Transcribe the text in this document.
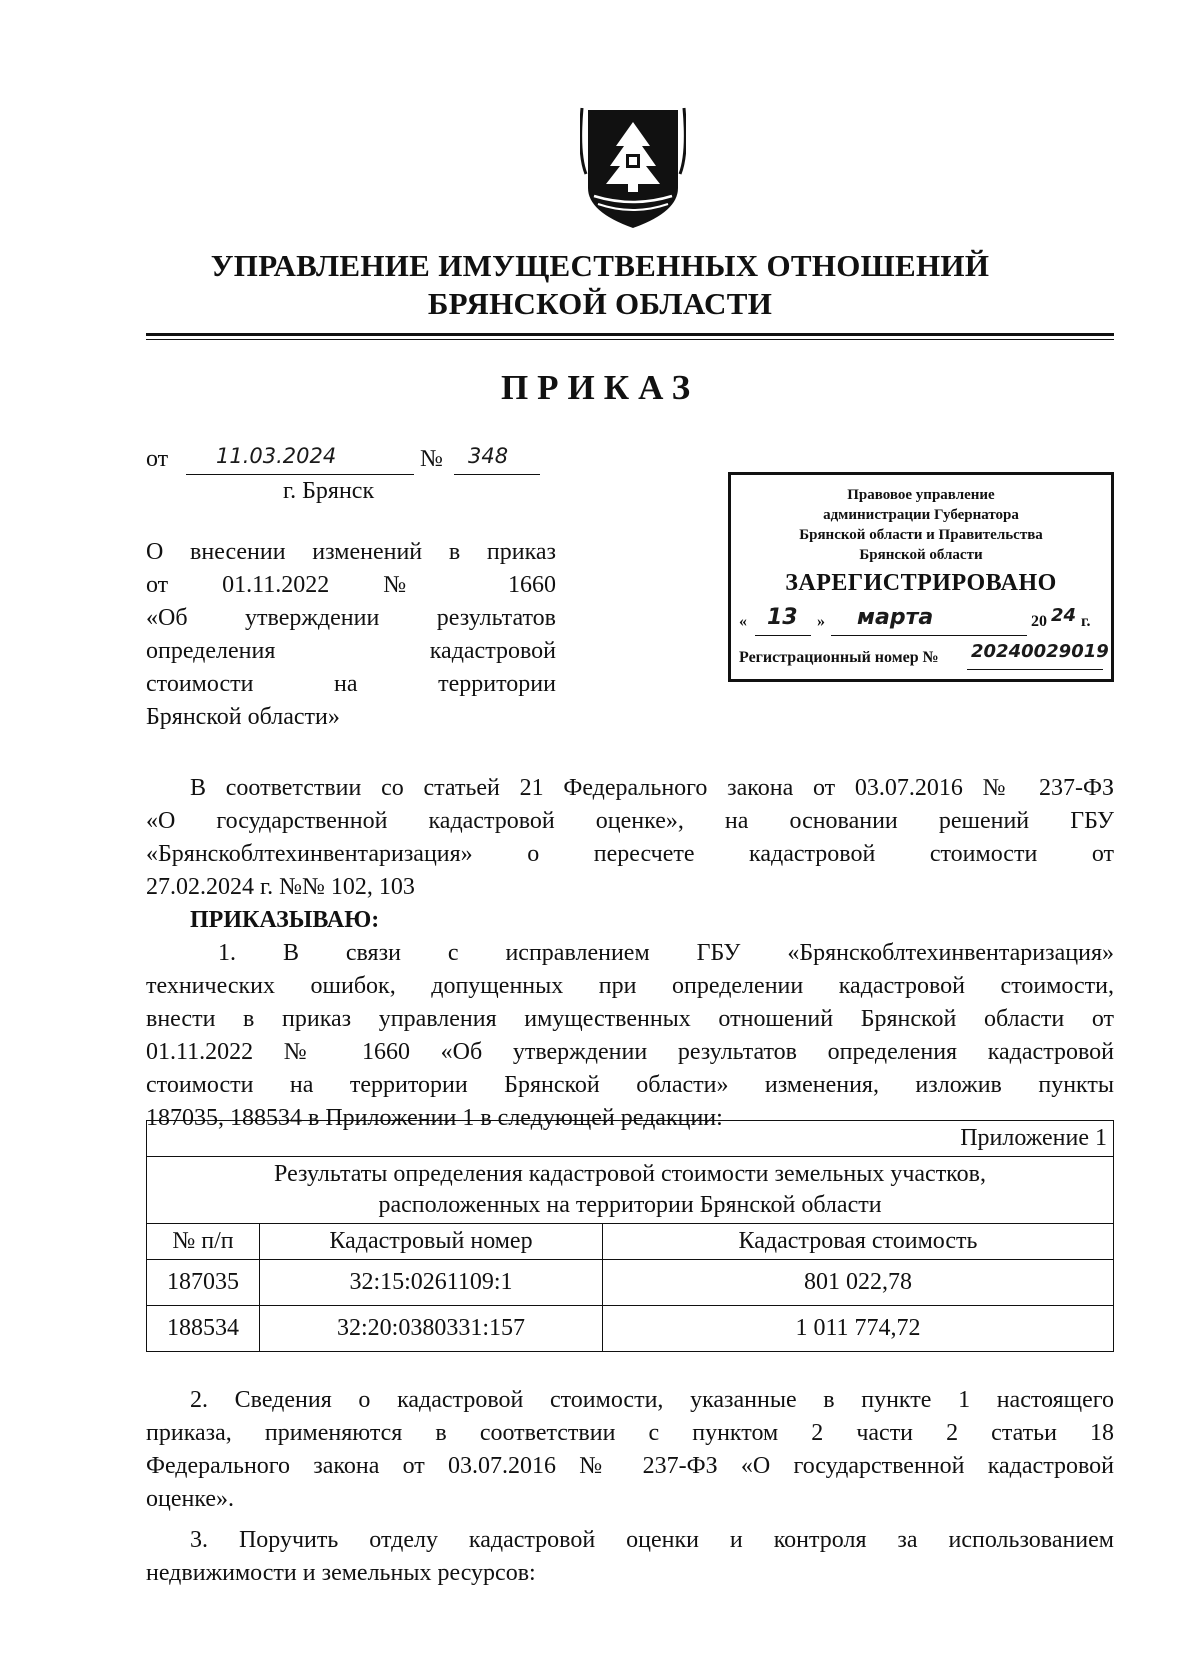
УПРАВЛЕНИЕ ИМУЩЕСТВЕННЫХ ОТНОШЕНИЙ
БРЯНСКОЙ ОБЛАСТИ
ПРИКАЗ
от 11.03.2024	№ 348
г. Брянск	Правовое управление
администрации Губернатора
Брянской области и Правительства
Брянской области
ЗАРЕГИСТРИРОВАНО
« 13 » марта	20 24 г.
Регистрационный номер № 20240029019
О внесении изменений в приказ
от 01.11.2022 № 1660
«Об утверждении результатов
определения кадастровой
стоимости на территории
Брянской области»
В соответствии со статьей 21 Федерального закона от 03.07.2016 № 237-ФЗ
«О государственной кадастровой оценке», на основании решений ГБУ
«Брянскоблтехинвентаризация» о пересчете кадастровой стоимости от
27.02.2024 г. №№ 102, 103
ПРИКАЗЫВАЮ:
1. В связи с исправлением ГБУ «Брянскоблтехинвентаризация»
технических ошибок, допущенных при определении кадастровой стоимости,
внести в приказ управления имущественных отношений Брянской области от
01.11.2022 № 1660 «Об утверждении результатов определения кадастровой
стоимости на территории Брянской области» изменения, изложив пункты
187035, 188534 в Приложении 1 в следующей редакции:
Приложение 1		

Результаты определения кадастровой стоимости земельных участков,
расположенных на территории Брянской области		

№ п/п	Кадастровый номер	Кадастровая стоимость
187035	32:15:0261109:1	801 022,78
188534	32:20:0380331:157	1 011 774,72
2. Сведения о кадастровой стоимости, указанные в пункте 1 настоящего
приказа, применяются в соответствии с пунктом 2 части 2 статьи 18
Федерального закона от 03.07.2016 № 237-ФЗ «О государственной кадастровой
оценке».
3. Поручить отделу кадастровой оценки и контроля за использованием
недвижимости и земельных ресурсов:
